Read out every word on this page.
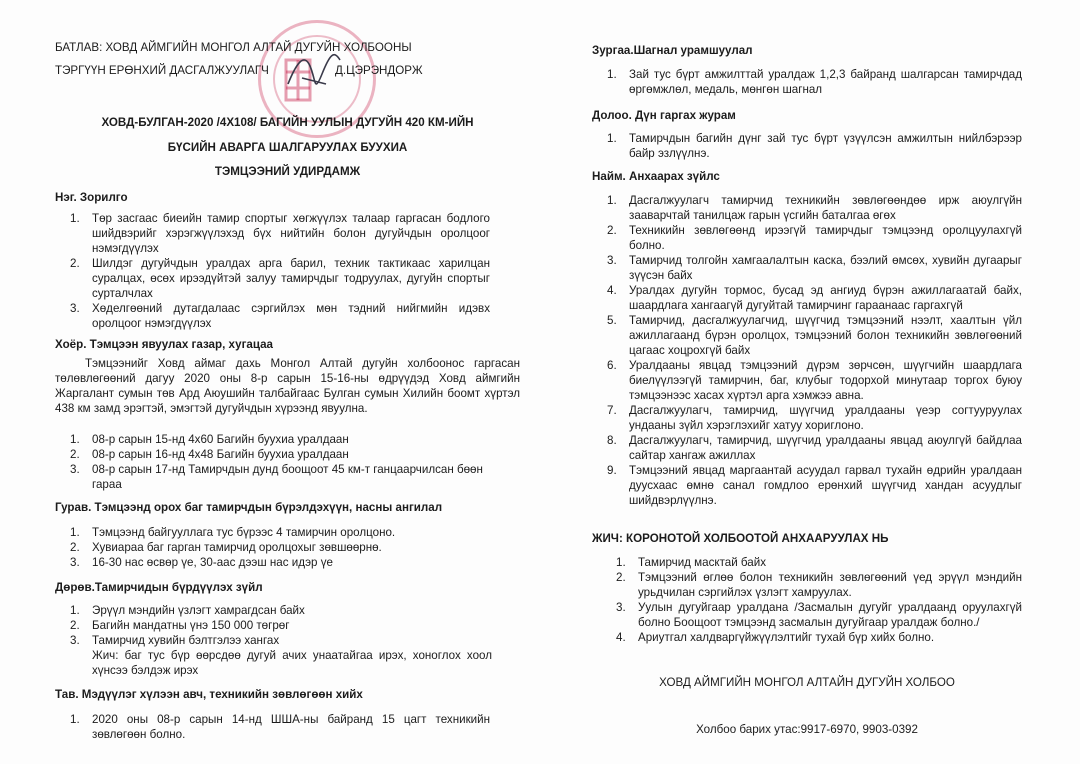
БАТЛАВ: ХОВД АЙМГИЙН МОНГОЛ АЛТАЙ ДУГУЙН ХОЛБООНЫ

ТЭРГҮҮН ЕРӨНХИЙ ДАСГАЛЖУУЛАГЧ	Д.ЦЭРЭНДОРЖ

ХОВД-БУЛГАН-2020 /4X108/ БАГИЙН УУЛЫН ДУГУЙН 420 КМ-ИЙН

БҮСИЙН АВАРГА ШАЛГАРУУЛАХ БУУХИА

ТЭМЦЭЭНИЙ УДИРДАМЖ

Нэг. Зорилго

Төр засгаас биеийн тамир спортыг хөгжүүлэх талаар гаргасан бодлого шийдвэрийг хэрэгжүүлэхэд бүх нийтийн болон дугуйчдын оролцоог нэмэгдүүлэх
Шилдэг дугуйчдын уралдах арга барил, техник тактикаас харилцан суралцах, өсөх ирээдүйтэй залуу тамирчдыг тодруулах, дугуйн спортыг сурталчлах
Хөделгөөний дутагдалаас сэргийлэх мөн тэдний нийгмийн идэвх оролцоог нэмэгдүүлэх

Хоёр. Тэмцээн явуулах газар, хугацаа

Тэмцээнийг Ховд аймаг дахь Монгол Алтай дугуйн холбоонос гаргасан төлөвлөгөөний дагуу 2020 оны 8-р сарын 15-16-ны өдрүүдэд Ховд аймгийн Жаргалант сумын төв Ард Аюушийн талбайгаас Булган сумын Хилийн боомт хүртэл 438 км замд эрэгтэй, эмэгтэй дугуйчдын хүрээнд явуулна.

08-р сарын 15-нд 4х60 Багийн буухиа уралдаан
08-р сарын 16-нд 4х48 Багийн буухиа уралдаан
08-р сарын 17-нд Тамирчдын дунд боощоот 45 км-т ганцаарчилсан бөөн гараа

Гурав. Тэмцээнд орох баг тамирчдын бүрэлдэхүүн, насны ангилал

Тэмцээнд байгууллага тус бүрээс 4 тамирчин оролцоно.
Хувиараа баг гарган тамирчид оролцохыг зөвшөөрнө.
16-30 нас өсвөр үе, 30-аас дээш нас идэр үе

Дөрөв.Тамирчидын бүрдүүлэх зүйл

Эрүүл мэндийн үзлэгт хамрагдсан байх
Багийн мандатны үнэ 150 000 төгрөг
Тамирчид хувийн бэлтгэлээ хангах

Жич: баг тус бүр өөрсдөө дугуй ачих унаатайгаа ирэх, хоноглох хоол хүнсээ бэлдэж ирэх

Тав. Мэдүүлэг хүлээн авч, техникийн зөвлөгөөн хийх

2020 оны 08-р сарын 14-нд ШША-ны байранд 15 цагт техникийн зөвлөгөөн болно.

Зургаа.Шагнал урамшуулал

Зай тус бүрт амжилттай уралдаж 1,2,3 байранд шалгарсан тамирчдад өргөмжлөл, медаль, мөнгөн шагнал

Долоо. Дүн гаргах журам

Тамирчдын багийн дүнг зай тус бүрт үзүүлсэн амжилтын нийлбэрээр байр эзлүүлнэ.

Найм. Анхаарах зүйлс

Дасгалжуулагч тамирчид техникийн зөвлөгөөндөө ирж аюулгүйн зааварчтай танилцаж гарын үсгийн баталгаа өгөх
Техникийн зөвлөгөөнд ирээгүй тамирчдыг тэмцээнд оролцуулахгүй болно.
Тамирчид толгойн хамгаалалтын каска, бээлий өмсөх, хувийн дугаарыг зүүсэн байх
Уралдах дугуйн тормос, бусад эд ангиуд бүрэн ажиллагаатай байх, шаардлага хангаагүй дугуйтай тамирчинг гараанаас гаргахгүй
Тамирчид, дасгалжуулагчид, шүүгчид тэмцээний нээлт, хаалтын үйл ажиллагаанд бүрэн оролцох, тэмцээний болон техникийн зөвлөгөөний цагаас хоцрохгүй байх
Уралдааны явцад тэмцээний дүрэм зөрчсөн, шүүгчийн шаардлага биелүүлээгүй тамирчин, баг, клубыг тодорхой минутаар торгох буюу тэмцээнээс хасах хүртэл арга хэмжээ авна.
Дасгалжуулагч, тамирчид, шүүгчид уралдааны үеэр согтууруулах ундааны зүйл хэрэглэхийг хатуу хориглоно.
Дасгалжуулагч, тамирчид, шүүгчид уралдааны явцад аюулгүй байдлаа сайтар хангаж ажиллах
Тэмцээний явцад маргаантай асуудал гарвал тухайн өдрийн уралдаан дуусхаас өмнө санал гомдлоо ерөнхий шүүгчид хандан асуудлыг шийдвэрлүүлнэ.

ЖИЧ: КОРОНОТОЙ ХОЛБООТОЙ АНХААРУУЛАХ НЬ

Тамирчид масктай байх
Тэмцээний өглөө болон техникийн зөвлөгөөний үед эрүүл мэндийн урьдчилан сэргийлэх үзлэгт хамруулах.
Уулын дугуйгаар уралдана /Засмалын дугуйг уралдаанд оруулахгүй болно Боощоот тэмцээнд засмалын дугуйгаар уралдаж болно./
Ариутгал халдваргүйжүүлэлтийг тухай бүр хийх болно.

ХОВД АЙМГИЙН МОНГОЛ АЛТАЙН ДУГУЙН ХОЛБОО

Холбоо барих утас:9917-6970, 9903-0392
